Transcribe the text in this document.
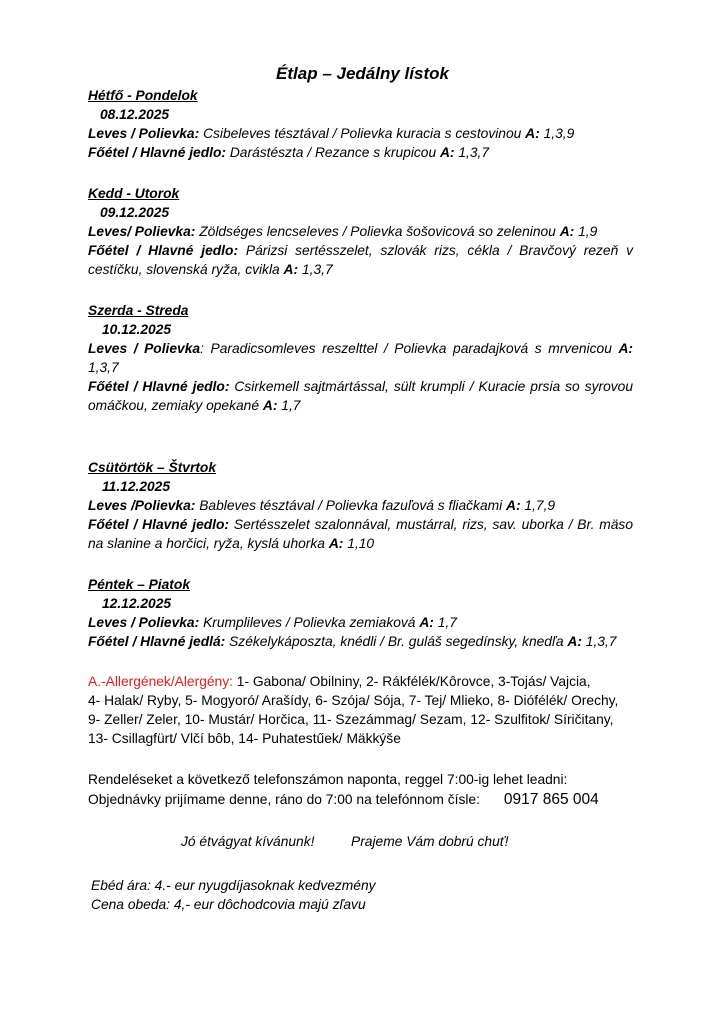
Étlap – Jedálny lístok
Hétfő - Pondelok
08.12.2025
Leves / Polievka: Csibeleves tésztával / Polievka kuracia s cestovinou A: 1,3,9
Főétel / Hlavné jedlo: Darástészta / Rezance s krupicou A: 1,3,7
Kedd - Utorok
09.12.2025
Leves/ Polievka: Zöldséges lencseleves / Polievka šošovicová so zeleninou A: 1,9
Főétel / Hlavné jedlo: Párizsi sertésszelet, szlovák rizs, cékla / Bravčový rezeň v cestíčku, slovenská ryža, cvikla A: 1,3,7
Szerda - Streda
10.12.2025
Leves / Polievka: Paradicsomleves reszelttel / Polievka paradajková s mrvenicou A: 1,3,7
Főétel / Hlavné jedlo: Csirkemell sajtmártással, sült krumpli / Kuracie prsia so syrovou omáčkou, zemiaky opekané A: 1,7
Csütörtök – Štvrtok
11.12.2025
Leves /Polievka: Bableves tésztával / Polievka fazuľová s fliačkami A: 1,7,9
Főétel / Hlavné jedlo: Sertésszelet szalonnával, mustárral, rizs, sav. uborka / Br. mäso na slanine a horčici, ryža, kyslá uhorka A: 1,10
Péntek – Piatok
12.12.2025
Leves / Polievka: Krumplileves / Polievka zemiaková A: 1,7
Főétel / Hlavné jedlá: Székelykáposzta, knédli / Br. guláš segedínsky, knedľa A: 1,3,7
A.-Allergének/Alergény: 1- Gabona/ Obilniny, 2- Rákfélék/Kôrovce, 3-Tojás/ Vajcia,
4- Halak/ Ryby, 5- Mogyoró/ Arašídy, 6- Szója/ Sója, 7- Tej/ Mlieko, 8- Diófélék/ Orechy,
9- Zeller/ Zeler, 10- Mustár/ Horčica, 11- Szezámmag/ Sezam, 12- Szulfitok/ Síričitany,
13- Csillagfürt/ Vlčí bôb, 14- Puhatestűek/ Mäkkýše
Rendeléseket a következő telefonszámon naponta, reggel 7:00-ig lehet leadni:
Objednávky prijímame denne, ráno do 7:00 na telefónnom čísle: 0917 865 004
Jó étvágyat kívánunk!	Prajeme Vám dobrú chuť!
Ebéd ára: 4.- eur nyugdíjasoknak kedvezmény
Cena obeda: 4,- eur dôchodcovia majú zľavu
